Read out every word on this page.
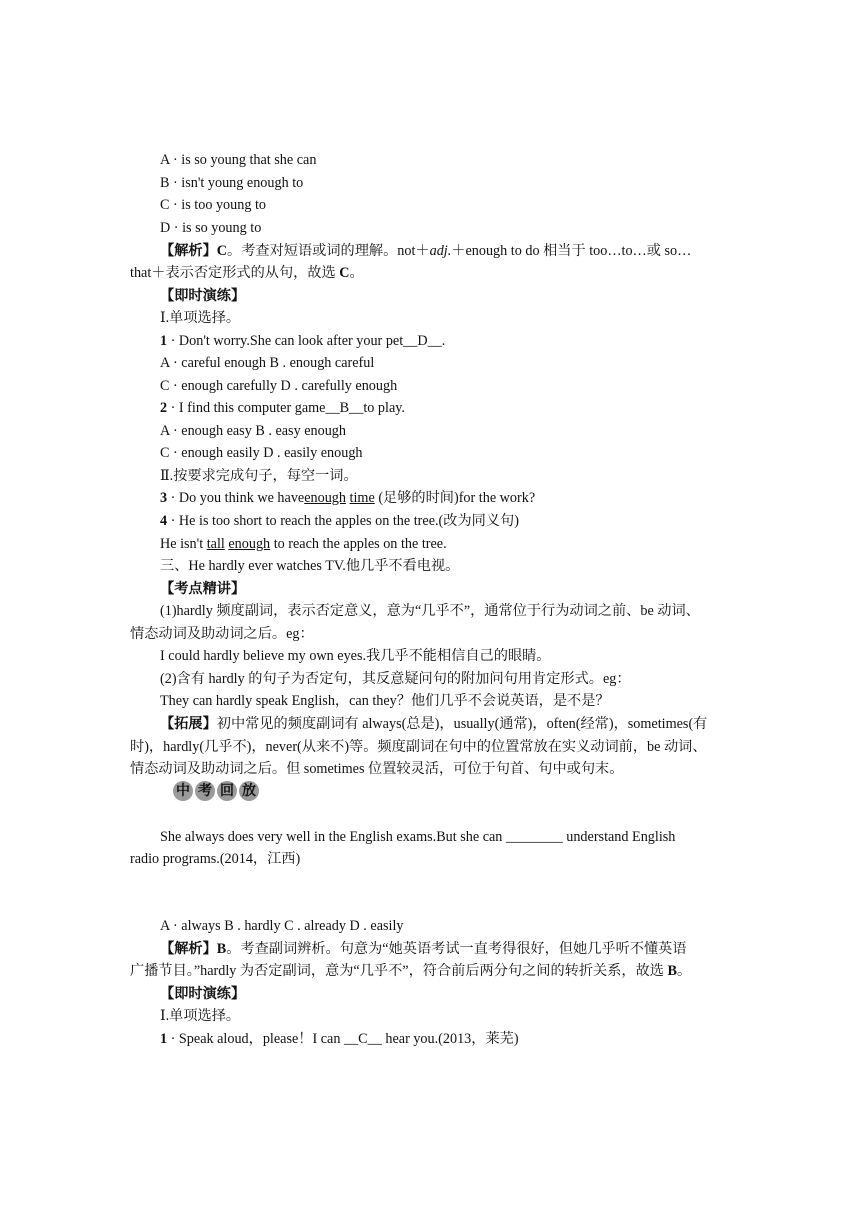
A · is so young that she can
B · isn't young enough to
C · is too young to
D · is so young to
【解析】C。考查对短语或词的理解。not＋adj.＋enough to do 相当于 too…to…或 so…
that＋表示否定形式的从句，故选 C。
【即时演练】
Ⅰ.单项选择。
1 · Don't worry.She can look after your pet__D__.
A · careful enough B . enough careful
C · enough carefully D . carefully enough
2 · I find this computer game__B__to play.
A · enough easy B . easy enough
C · enough easily D . easily enough
Ⅱ.按要求完成句子，每空一词。
3 · Do you think we haveenough time (足够的时间)for the work?
4 · He is too short to reach the apples on the tree.(改为同义句)
He isn't tall enough to reach the apples on the tree.
三、He hardly ever watches TV.他几乎不看电视。
【考点精讲】
(1)hardly 频度副词，表示否定意义，意为“几乎不”，通常位于行为动词之前、be 动词、
情态动词及助动词之后。eg：
I could hardly believe my own eyes.我几乎不能相信自己的眼睛。
(2)含有 hardly 的句子为否定句，其反意疑问句的附加问句用肯定形式。eg：
They can hardly speak English，can they？他们几乎不会说英语，是不是？
【拓展】初中常见的频度副词有 always(总是)，usually(通常)，often(经常)，sometimes(有
时)，hardly(几乎不)，never(从来不)等。频度副词在句中的位置常放在实义动词前，be 动词、
情态动词及助动词之后。但 sometimes 位置较灵活，可位于句首、句中或句末。
中 考 回 放
She always does very well in the English exams.But she can ________ understand English
radio programs.(2014，江西)
A · always B . hardly C . already D . easily
【解析】B。考查副词辨析。句意为“她英语考试一直考得很好，但她几乎听不懂英语
广播节目。”hardly 为否定副词，意为“几乎不”，符合前后两分句之间的转折关系，故选 B。
【即时演练】
Ⅰ.单项选择。
1 · Speak aloud，please！I can __C__ hear you.(2013，莱芜)
